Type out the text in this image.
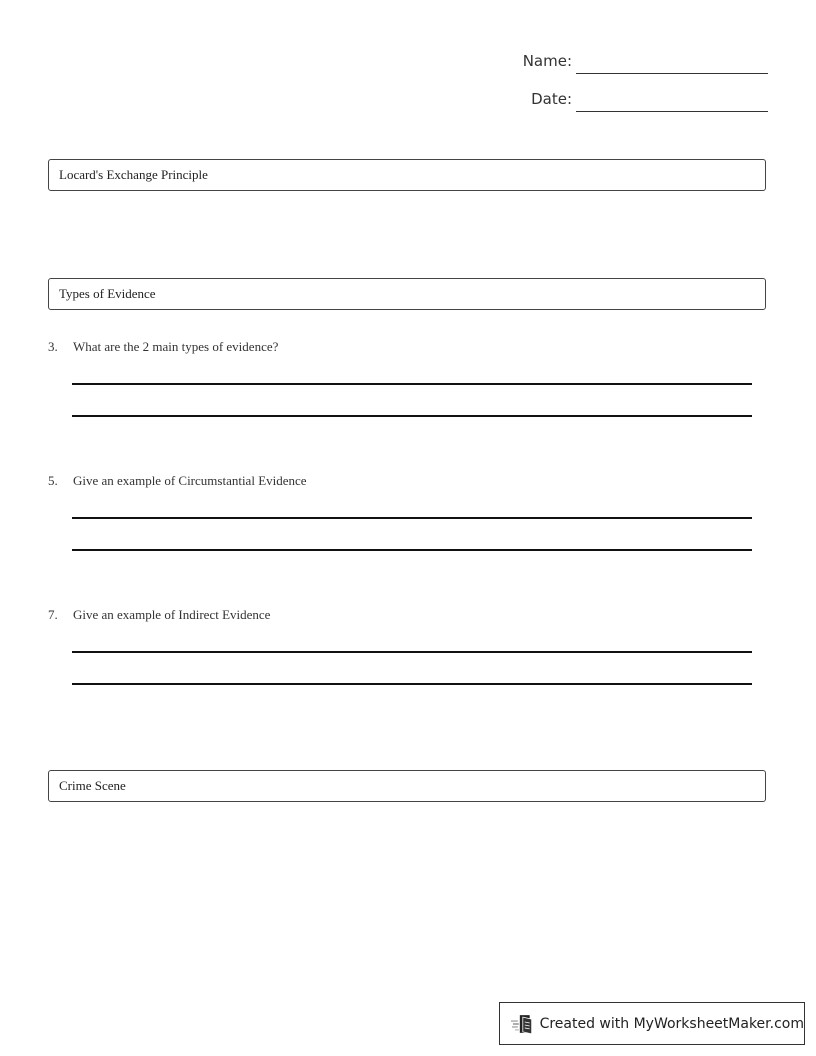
Name:
Date:
Locard's Exchange Principle
Types of Evidence
3. What are the 2 main types of evidence?
5. Give an example of Circumstantial Evidence
7. Give an example of Indirect Evidence
Crime Scene
Created with MyWorksheetMaker.com
